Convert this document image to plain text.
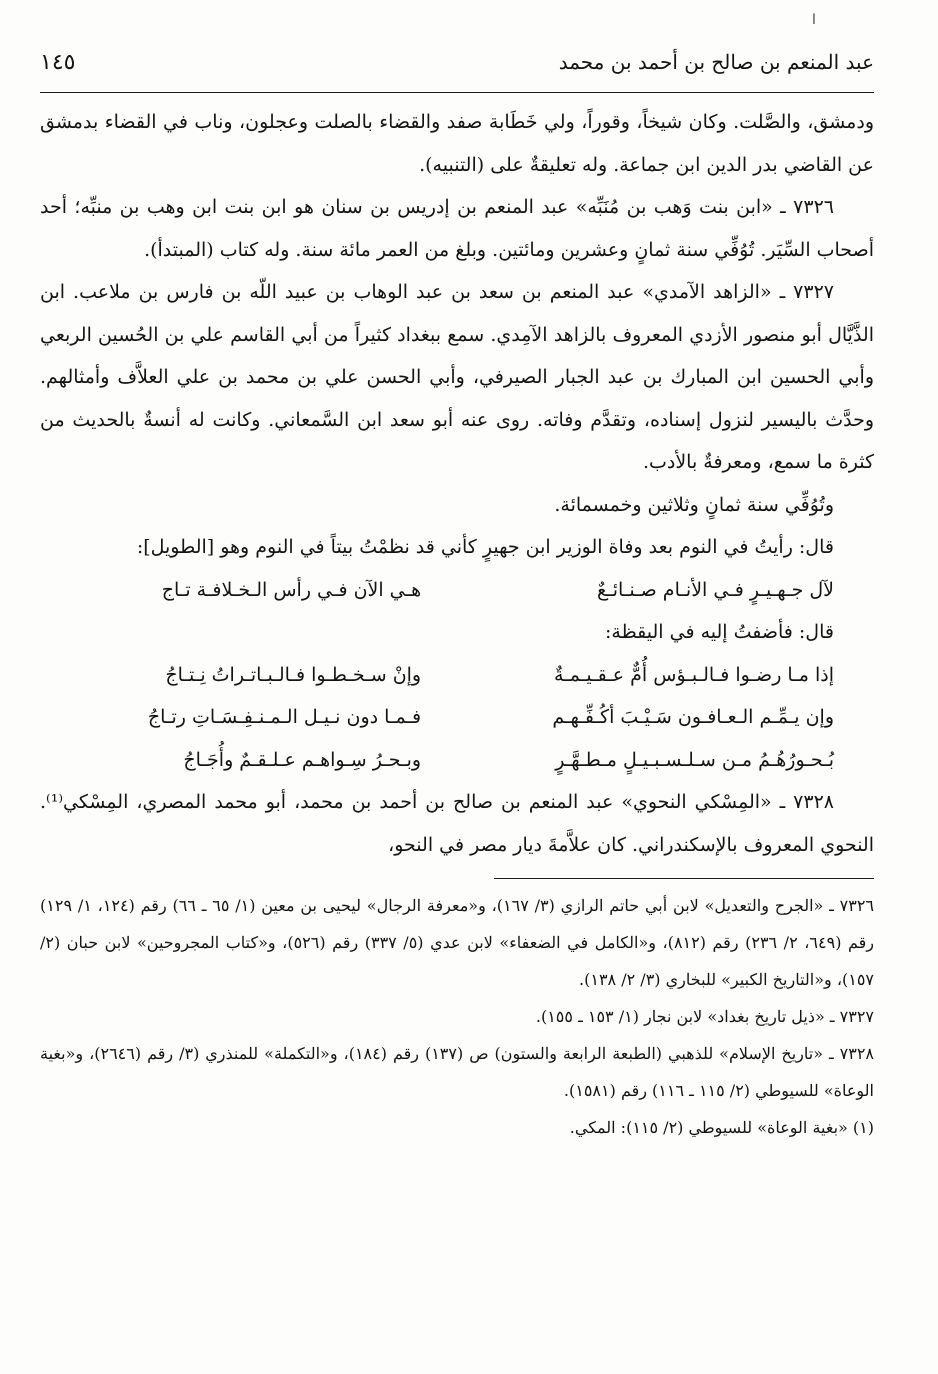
ا
عبد المنعم بن صالح بن أحمد بن محمد
١٤٥

ودمشق، والصَّلت. وكان شيخاً، وقوراً، ولي خَطَابة صفد والقضاء بالصلت وعجلون، وناب في القضاء بدمشق عن القاضي بدر الدين ابن جماعة. وله تعليقةٌ على (التنبيه).

٧٣٢٦ ـ «ابن بنت وَهب بن مُنَبِّه» عبد المنعم بن إدريس بن سنان هو ابن بنت ابن وهب بن منبِّه؛ أحد أصحاب السِّيَر. تُوُفِّي سنة ثمانٍ وعشرين ومائتين. وبلغ من العمر مائة سنة. وله كتاب (المبتدأ).

٧٣٢٧ ـ «الزاهد الآمدي» عبد المنعم بن سعد بن عبد الوهاب بن عبيد اللّه بن فارس بن ملاعب. ابن الذَّيَّال أبو منصور الأزدي المعروف بالزاهد الآمِدي. سمع ببغداد كثيراً من أبي القاسم علي بن الحُسين الربعي وأبي الحسين ابن المبارك بن عبد الجبار الصيرفي، وأبي الحسن علي بن محمد بن علي العلاَّف وأمثالهم. وحدَّث باليسير لنزول إسناده، وتقدَّم وفاته. روى عنه أبو سعد ابن السَّمعاني. وكانت له أنسةٌ بالحديث من كثرة ما سمع، ومعرفةٌ بالأدب.

وتُوُفِّي سنة ثمانٍ وثلاثين وخمسمائة.

قال: رأيتُ في النوم بعد وفاة الوزير ابن جهيرٍ كأني قد نظمْتُ بيتاً في النوم وهو [الطويل]:

لآل جـهـيـرٍ فـي الأنـام صـنـائـعٌ
هـي الآن فـي رأس الـخـلافـة تـاج

قال: فأضفتُ إليه في اليقظة:

إذا مـا رضـوا فـالـبـؤس أُمٌّ عـقـيـمـةٌ
وإنْ سـخـطـوا فـالـبـاتـراتُ نِـتـاجُ
وإن يـمِّـم الـعـافـون سَـيْـبَ أكُـفِّـهـم
فـمـا دون نـيـل الـمـنـفِـسَـاتِ رتـاجُ
بُـحـورُهُـمُ مـن سـلـسـبـيـلٍ مـطـهَّـرٍ
وبـحـرُ سِـواهـم عـلـقـمٌ وأُجَـاجُ

٧٣٢٨ ـ «المِسْكي النحوي» عبد المنعم بن صالح بن أحمد بن محمد، أبو محمد المصري، المِسْكي⁽¹⁾. النحوي المعروف بالإسكندراني. كان علاَّمةَ ديار مصر في النحو،

٧٣٢٦ ـ «الجرح والتعديل» لابن أبي حاتم الرازي (٣/ ١٦٧)، و«معرفة الرجال» ليحيى بن معين (١/ ٦٥ ـ ٦٦) رقم (١٢٤، ١/ ١٢٩) رقم (٦٤٩، ٢/ ٢٣٦) رقم (٨١٢)، و«الكامل في الضعفاء» لابن عدي (٥/ ٣٣٧) رقم (٥٢٦)، و«كتاب المجروحين» لابن حبان (٢/ ١٥٧)، و«التاريخ الكبير» للبخاري (٣/ ٢/ ١٣٨).

٧٣٢٧ ـ «ذيل تاريخ بغداد» لابن نجار (١/ ١٥٣ ـ ١٥٥).

٧٣٢٨ ـ «تاريخ الإسلام» للذهبي (الطبعة الرابعة والستون) ص (١٣٧) رقم (١٨٤)، و«التكملة» للمنذري (٣/ رقم (٢٦٤٦)، و«بغية الوعاة» للسيوطي (٢/ ١١٥ ـ ١١٦) رقم (١٥٨١).

(١) «بغية الوعاة» للسيوطي (٢/ ١١٥): المكي.
